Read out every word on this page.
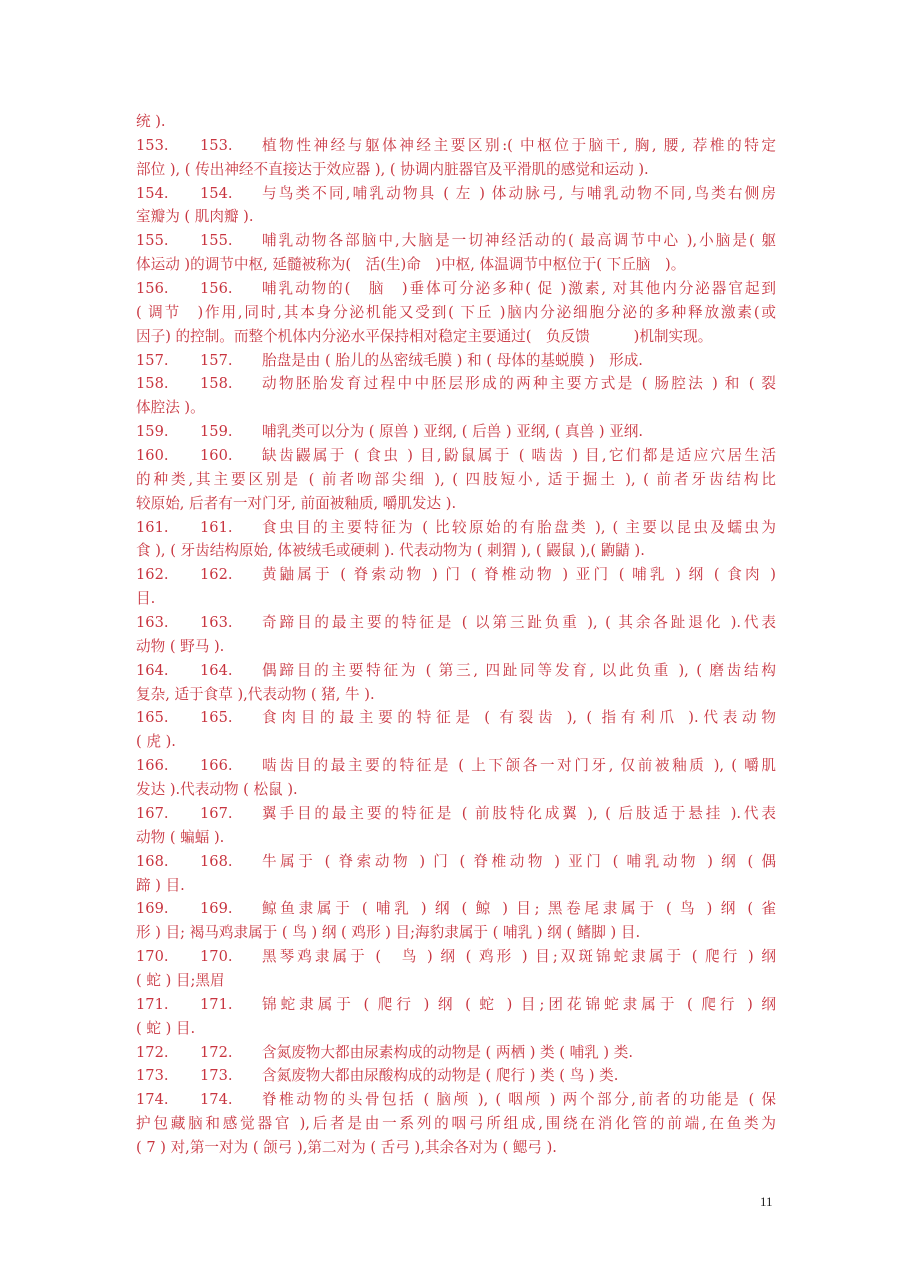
统 ).
153.	153.	植物性神经与躯体神经主要区别:( 中枢位于脑干, 胸, 腰, 荐椎的特定
部位 ), ( 传出神经不直接达于效应器 ), ( 协调内脏器官及平滑肌的感觉和运动 ).
154.	154.	与鸟类不同,哺乳动物具 ( 左 ) 体动脉弓, 与哺乳动物不同,鸟类右侧房
室瓣为 ( 肌肉瓣 ).
155.	155.	哺乳动物各部脑中,大脑是一切神经活动的( 最高调节中心 ),小脑是( 躯
体运动 )的调节中枢, 延髓被称为(　活(生)命　)中枢, 体温调节中枢位于( 下丘脑　)。
156.	156.	哺乳动物的(　脑　)垂体可分泌多种( 促 )激素, 对其他内分泌器官起到
( 调节　)作用,同时,其本身分泌机能又受到( 下丘 )脑内分泌细胞分泌的多种释放激素(或
因子) 的控制。而整个机体内分泌水平保持相对稳定主要通过(　负反馈　　　)机制实现。
157.	157.	胎盘是由 ( 胎儿的丛密绒毛膜 ) 和 ( 母体的基蜕膜 )　形成.
158.	158.	动物胚胎发育过程中中胚层形成的两种主要方式是 ( 肠腔法 ) 和 ( 裂
体腔法 )。
159.	159.	哺乳类可以分为 ( 原兽 ) 亚纲, ( 后兽 ) 亚纲, ( 真兽 ) 亚纲.
160.	160.	缺齿鼹属于 ( 食虫 ) 目,鼢鼠属于 ( 啮齿 ) 目,它们都是适应穴居生活
的种类,其主要区别是 ( 前者吻部尖细 ), ( 四肢短小, 适于掘土 ), ( 前者牙齿结构比
较原始, 后者有一对门牙, 前面被釉质, 嚼肌发达 ).
161.	161.	食虫目的主要特征为 ( 比较原始的有胎盘类 ), ( 主要以昆虫及蠕虫为
食 ), ( 牙齿结构原始, 体被绒毛或硬刺 ). 代表动物为 ( 刺猬 ), ( 鼹鼠 ),( 鼩鼱 ).
162.	162.	黄鼬属于 ( 脊索动物 ) 门 ( 脊椎动物 ) 亚门 ( 哺乳 ) 纲 ( 食肉 )
目.
163.	163.	奇蹄目的最主要的特征是 ( 以第三趾负重 ), ( 其余各趾退化 ).代表
动物 ( 野马 ).
164.	164.	偶蹄目的主要特征为 ( 第三, 四趾同等发育, 以此负重 ), ( 磨齿结构
复杂, 适于食草 ),代表动物 ( 猪, 牛 ).
165.	165.	食肉目的最主要的特征是 ( 有裂齿 ), ( 指有利爪 ).代表动物
( 虎 ).
166.	166.	啮齿目的最主要的特征是 ( 上下颌各一对门牙, 仅前被釉质 ), ( 嚼肌
发达 ).代表动物 ( 松鼠 ).
167.	167.	翼手目的最主要的特征是 ( 前肢特化成翼 ), ( 后肢适于悬挂 ).代表
动物 ( 蝙蝠 ).
168.	168.	牛属于 ( 脊索动物 ) 门 ( 脊椎动物 ) 亚门 ( 哺乳动物 ) 纲 ( 偶
蹄 ) 目.
169.	169.	鲸鱼隶属于 ( 哺乳 ) 纲 ( 鲸 ) 目; 黑卷尾隶属于 ( 鸟 ) 纲 ( 雀
形 ) 目; 褐马鸡隶属于 ( 鸟 ) 纲 ( 鸡形 ) 目;海豹隶属于 ( 哺乳 ) 纲 ( 鳍脚 ) 目.
170.	170.	黑琴鸡隶属于 (　鸟 ) 纲 ( 鸡形 ) 目;双斑锦蛇隶属于 ( 爬行 ) 纲
( 蛇 ) 目;黑眉
171.	171.	锦蛇隶属于 ( 爬行 ) 纲 ( 蛇 ) 目;团花锦蛇隶属于 ( 爬行 ) 纲
( 蛇 ) 目.
172.	172.	含氮废物大都由尿素构成的动物是 ( 两栖 ) 类 ( 哺乳 ) 类.
173.	173.	含氮废物大都由尿酸构成的动物是 ( 爬行 ) 类 ( 鸟 ) 类.
174.	174.	脊椎动物的头骨包括 ( 脑颅 ), ( 咽颅 ) 两个部分,前者的功能是 ( 保
护包藏脑和感觉器官 ),后者是由一系列的咽弓所组成,围绕在消化管的前端,在鱼类为
( 7 ) 对,第一对为 ( 颌弓 ),第二对为 ( 舌弓 ),其余各对为 ( 鳃弓 ).
11
